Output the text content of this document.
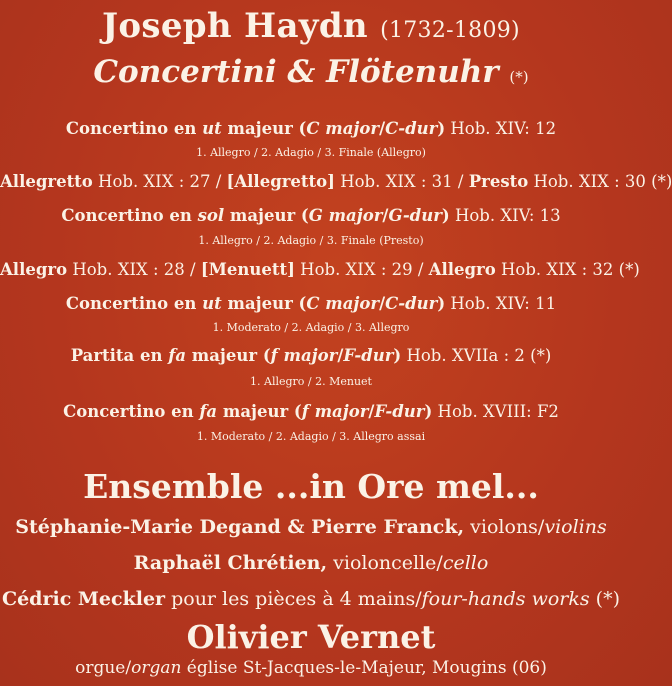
Joseph Haydn (1732-1809)
Concertini & Flötenuhr (*)
Concertino en ut majeur (C major/C-dur) Hob. XIV: 12
1. Allegro / 2. Adagio / 3. Finale (Allegro)
Allegretto Hob. XIX : 27 / [Allegretto] Hob. XIX : 31 / Presto Hob. XIX : 30 (*)
Concertino en sol majeur (G major/G-dur) Hob. XIV: 13
1. Allegro / 2. Adagio / 3. Finale (Presto)
Allegro Hob. XIX : 28 / [Menuett] Hob. XIX : 29 / Allegro Hob. XIX : 32 (*)
Concertino en ut majeur (C major/C-dur) Hob. XIV: 11
1. Moderato / 2. Adagio / 3. Allegro
Partita en fa majeur (f major/F-dur) Hob. XVIIa : 2 (*)
1. Allegro / 2. Menuet
Concertino en fa majeur (f major/F-dur) Hob. XVIII: F2
1. Moderato / 2. Adagio / 3. Allegro assai
Ensemble ...in Ore mel...
Stéphanie-Marie Degand & Pierre Franck, violons/violins
Raphaël Chrétien, violoncelle/cello
Cédric Meckler pour les pièces à 4 mains/four-hands works (*)
Olivier Vernet
orgue/organ église St-Jacques-le-Majeur, Mougins (06)
